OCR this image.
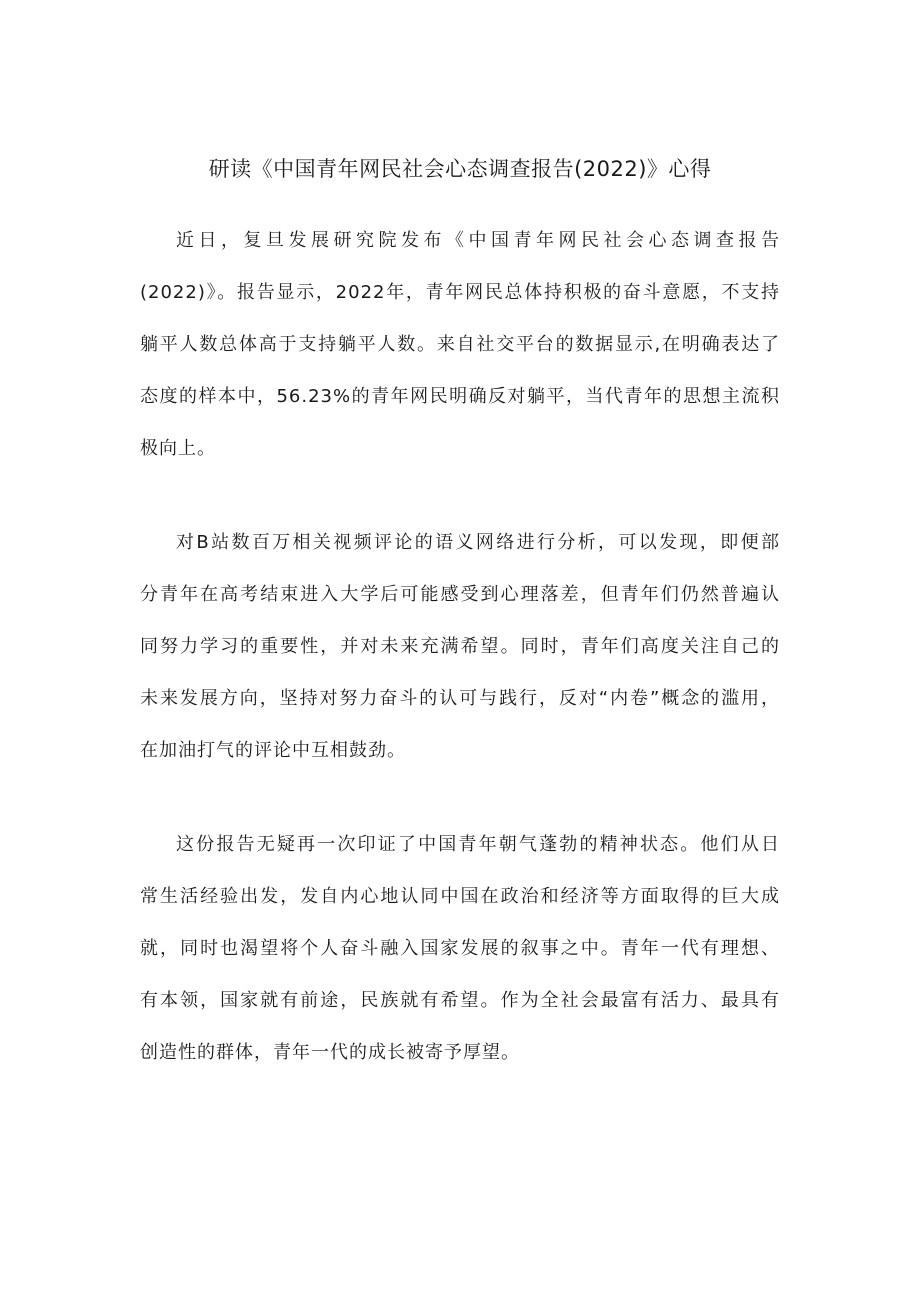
研读《中国青年网民社会心态调查报告(2022)》心得
近日，复旦发展研究院发布《中国青年网民社会心态调查报告
(2022)》。报告显示，2022年，青年网民总体持积极的奋斗意愿，不支持
躺平人数总体高于支持躺平人数。来自社交平台的数据显示,在明确表达了
态度的样本中，56.23%的青年网民明确反对躺平，当代青年的思想主流积
极向上。
对B站数百万相关视频评论的语义网络进行分析，可以发现，即便部
分青年在高考结束进入大学后可能感受到心理落差，但青年们仍然普遍认
同努力学习的重要性，并对未来充满希望。同时，青年们高度关注自己的
未来发展方向，坚持对努力奋斗的认可与践行，反对“内卷”概念的滥用，
在加油打气的评论中互相鼓劲。
这份报告无疑再一次印证了中国青年朝气蓬勃的精神状态。他们从日
常生活经验出发，发自内心地认同中国在政治和经济等方面取得的巨大成
就，同时也渴望将个人奋斗融入国家发展的叙事之中。青年一代有理想、
有本领，国家就有前途，民族就有希望。作为全社会最富有活力、最具有
创造性的群体，青年一代的成长被寄予厚望。
